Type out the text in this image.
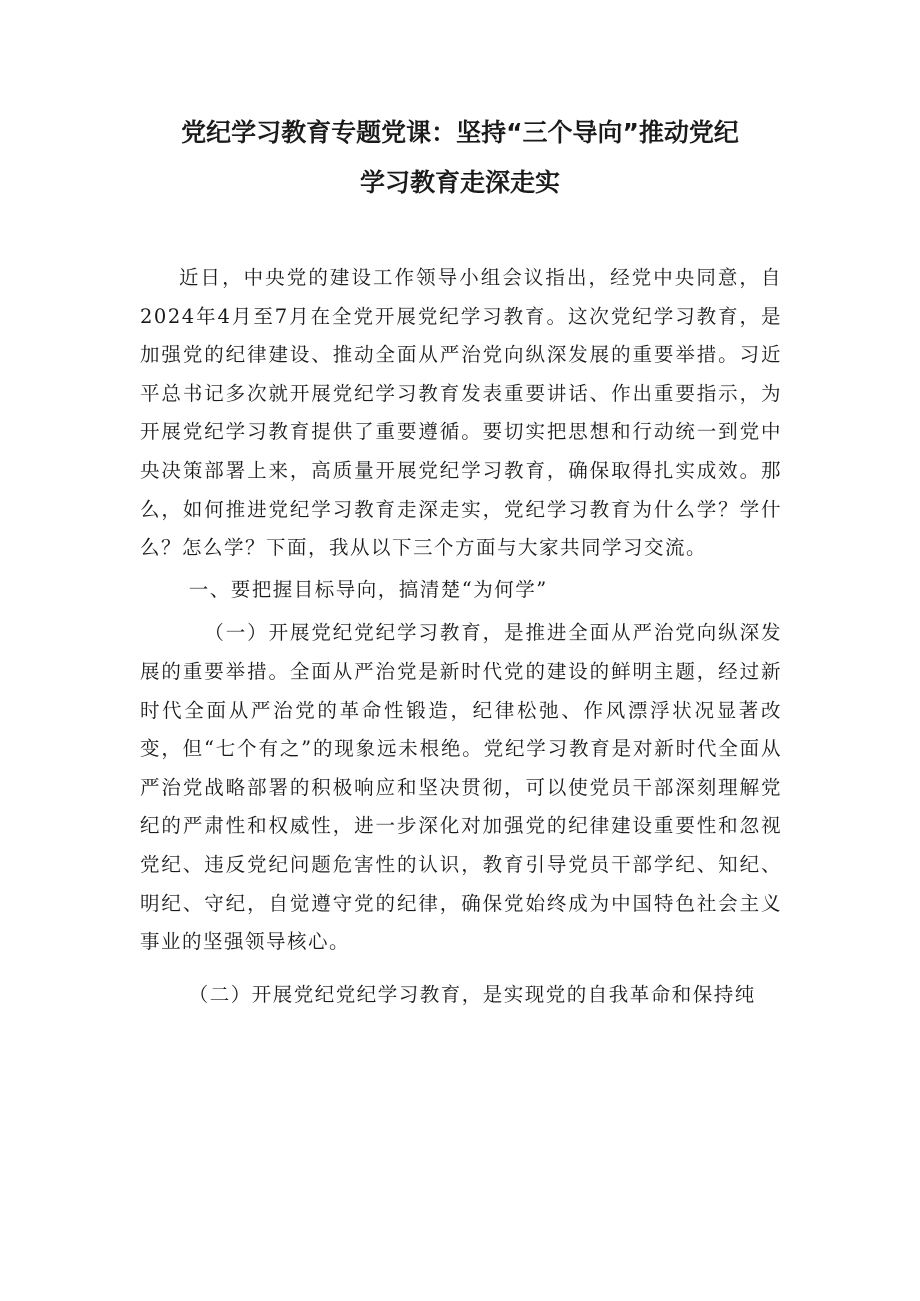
党纪学习教育专题党课：坚持“三个导向”推动党纪
学习教育走深走实

近日，中央党的建设工作领导小组会议指出，经党中央同意，自2024年4月至7月在全党开展党纪学习教育。这次党纪学习教育，是加强党的纪律建设、推动全面从严治党向纵深发展的重要举措。习近平总书记多次就开展党纪学习教育发表重要讲话、作出重要指示，为开展党纪学习教育提供了重要遵循。要切实把思想和行动统一到党中央决策部署上来，高质量开展党纪学习教育，确保取得扎实成效。那么，如何推进党纪学习教育走深走实，党纪学习教育为什么学？学什么？怎么学？下面，我从以下三个方面与大家共同学习交流。

一、要把握目标导向，搞清楚“为何学”

（一）开展党纪党纪学习教育，是推进全面从严治党向纵深发展的重要举措。全面从严治党是新时代党的建设的鲜明主题，经过新时代全面从严治党的革命性锻造，纪律松弛、作风漂浮状况显著改变，但“七个有之”的现象远未根绝。党纪学习教育是对新时代全面从严治党战略部署的积极响应和坚决贯彻，可以使党员干部深刻理解党纪的严肃性和权威性，进一步深化对加强党的纪律建设重要性和忽视党纪、违反党纪问题危害性的认识，教育引导党员干部学纪、知纪、明纪、守纪，自觉遵守党的纪律，确保党始终成为中国特色社会主义事业的坚强领导核心。

（二）开展党纪党纪学习教育，是实现党的自我革命和保持纯
